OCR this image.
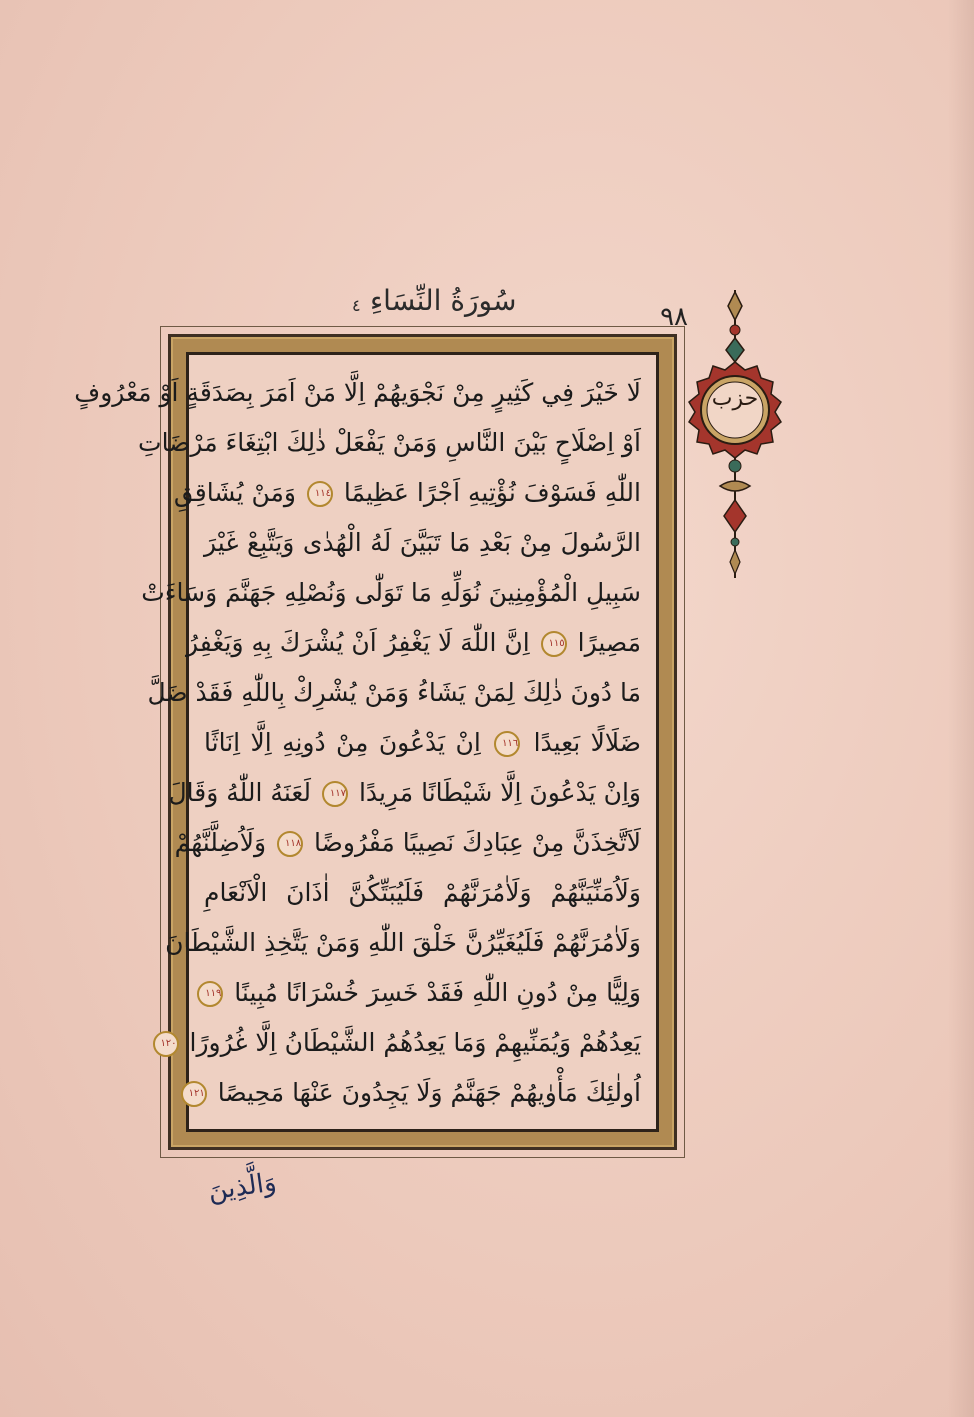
٤ سُورَةُ النِّسَاءِ	٩٨
حزب
لَا خَيْرَ فِي كَثِيرٍ مِنْ نَجْوَيهُمْ اِلَّا مَنْ اَمَرَ بِصَدَقَةٍ اَوْ مَعْرُوفٍ
اَوْ اِصْلَاحٍ بَيْنَ النَّاسِ وَمَنْ يَفْعَلْ ذٰلِكَ ابْتِغَاءَ مَرْضَاتِ
اللّٰهِ فَسَوْفَ نُؤْتِيهِ اَجْرًا عَظِيمًا ١١٤ وَمَنْ يُشَاقِقِ
الرَّسُولَ مِنْ بَعْدِ مَا تَبَيَّنَ لَهُ الْهُدٰى وَيَتَّبِعْ غَيْرَ
سَبِيلِ الْمُؤْمِنِينَ نُوَلِّهِ مَا تَوَلّٰى وَنُصْلِهِ جَهَنَّمَ وَسَاءَتْ
مَصِيرًا ١١٥ اِنَّ اللّٰهَ لَا يَغْفِرُ اَنْ يُشْرَكَ بِهِ وَيَغْفِرُ
مَا دُونَ ذٰلِكَ لِمَنْ يَشَاءُ وَمَنْ يُشْرِكْ بِاللّٰهِ فَقَدْ ضَلَّ
ضَلَالًا بَعِيدًا ١١٦ اِنْ يَدْعُونَ مِنْ دُونِهِ اِلَّا اِنَاثًا
وَاِنْ يَدْعُونَ اِلَّا شَيْطَانًا مَرِيدًا ١١٧ لَعَنَهُ اللّٰهُ وَقَالَ
لَاَتَّخِذَنَّ مِنْ عِبَادِكَ نَصِيبًا مَفْرُوضًا ١١٨ وَلَاُضِلَّنَّهُمْ
وَلَاُمَنِّيَنَّهُمْ وَلَاٰمُرَنَّهُمْ فَلَيُبَتِّكُنَّ اٰذَانَ الْاَنْعَامِ
وَلَاٰمُرَنَّهُمْ فَلَيُغَيِّرُنَّ خَلْقَ اللّٰهِ وَمَنْ يَتَّخِذِ الشَّيْطَانَ
وَلِيًّا مِنْ دُونِ اللّٰهِ فَقَدْ خَسِرَ خُسْرَانًا مُبِينًا ١١٩
يَعِدُهُمْ وَيُمَنِّيهِمْ وَمَا يَعِدُهُمُ الشَّيْطَانُ اِلَّا غُرُورًا ١٢٠
اُولٰئِكَ مَأْوٰيهُمْ جَهَنَّمُ وَلَا يَجِدُونَ عَنْهَا مَحِيصًا ١٢١
وَالَّذِينَ
